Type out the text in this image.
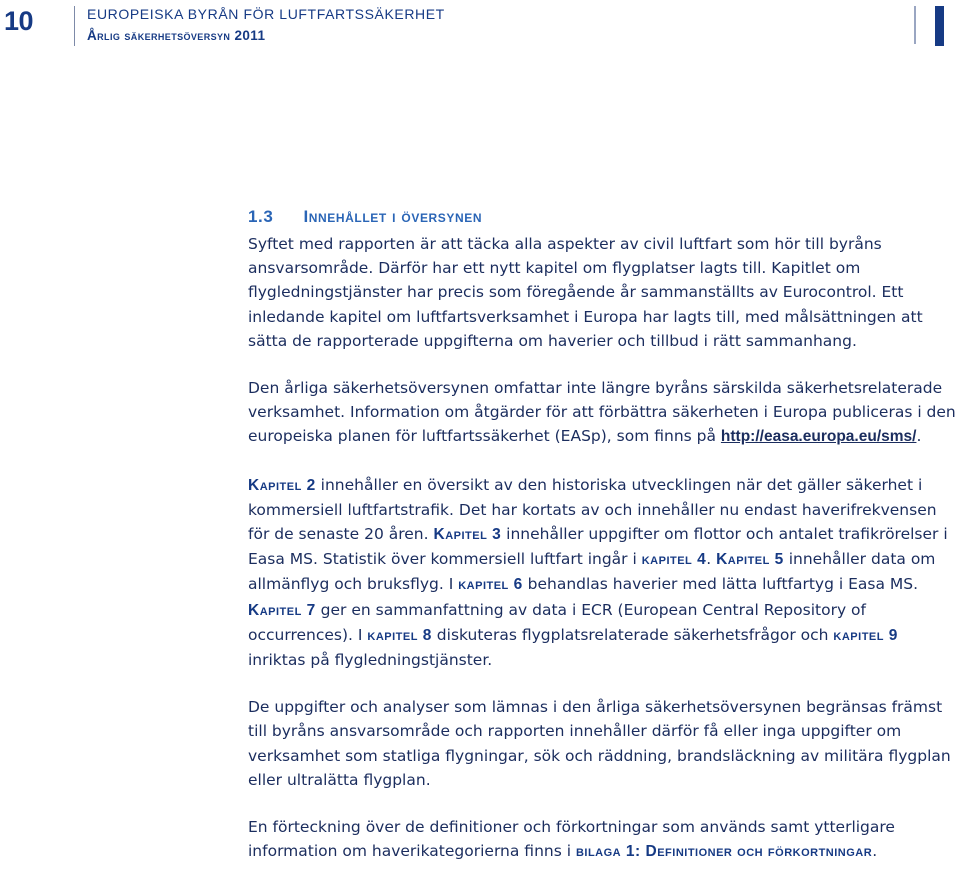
10	EUROPEISKA BYRÅN FÖR LUFTFARTSSÄKERHET
Årlig säkerhetsöversyn 2011
1.3 Innehållet i översynen

Syftet med rapporten är att täcka alla aspekter av civil luftfart som hör till byråns ansvarsområde. Därför har ett nytt kapitel om flygplatser lagts till. Kapitlet om flygledningstjänster har precis som föregående år sammanställts av Eurocontrol. Ett inledande kapitel om luftfartsverksamhet i Europa har lagts till, med målsättningen att sätta de rapporterade uppgifterna om haverier och tillbud i rätt sammanhang.

Den årliga säkerhetsöversynen omfattar inte längre byråns särskilda säkerhetsrelaterade verksamhet. Information om åtgärder för att förbättra säkerheten i Europa publiceras i den europeiska planen för luftfartssäkerhet (EASp), som finns på http://easa.europa.eu/sms/.

Kapitel 2 innehåller en översikt av den historiska utvecklingen när det gäller säkerhet i kommersiell luftfartstrafik. Det har kortats av och innehåller nu endast haverifrekvensen för de senaste 20 åren. Kapitel 3 innehåller uppgifter om flottor och antalet trafikrörelser i Easa MS. Statistik över kommersiell luftfart ingår i kapitel 4. Kapitel 5 innehåller data om allmänflyg och bruksflyg. I kapitel 6 behandlas haverier med lätta luftfartyg i Easa MS. Kapitel 7 ger en sammanfattning av data i ECR (European Central Repository of occurrences). I kapitel 8 diskuteras flygplatsrelaterade säkerhetsfrågor och kapitel 9 inriktas på flygledningstjänster.

De uppgifter och analyser som lämnas i den årliga säkerhetsöversynen begränsas främst till byråns ansvarsområde och rapporten innehåller därför få eller inga uppgifter om verksamhet som statliga flygningar, sök och räddning, brandsläckning av militära flygplan eller ultralätta flygplan.

En förteckning över de definitioner och förkortningar som används samt ytterligare information om haverikategorierna finns i bilaga 1: Definitioner och förkortningar.
